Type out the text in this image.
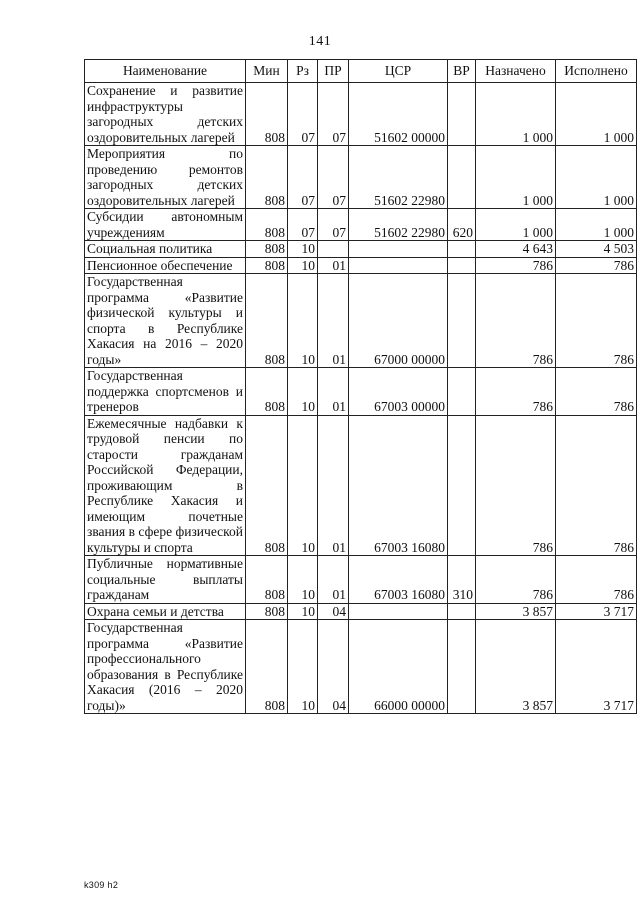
141
Наименование	Мин	Рз	ПР	ЦСР	ВР	Назначено	Исполнено
Сохранение и развитие инфраструктуры загородных детских оздоровительных лагерей	808	07	07	51602 00000		1 000	1 000
Мероприятия по проведению ремонтов загородных детских оздоровительных лагерей	808	07	07	51602 22980		1 000	1 000
Субсидии автономным учреждениям	808	07	07	51602 22980	620	1 000	1 000
Социальная политика	808	10				4 643	4 503
Пенсионное обеспечение	808	10	01			786	786
Государственная программа «Развитие физической культуры и спорта в Республике Хакасия на 2016 – 2020 годы»	808	10	01	67000 00000		786	786
Государственная поддержка спортсменов и тренеров	808	10	01	67003 00000		786	786
Ежемесячные надбавки к трудовой пенсии по старости гражданам Российской Федерации, проживающим в Республике Хакасия и имеющим почетные звания в сфере физической культуры и спорта	808	10	01	67003 16080		786	786
Публичные нормативные социальные выплаты гражданам	808	10	01	67003 16080	310	786	786
Охрана семьи и детства	808	10	04			3 857	3 717
Государственная программа «Развитие профессионального образования в Республике Хакасия (2016 – 2020 годы)»	808	10	04	66000 00000		3 857	3 717
k309 h2
